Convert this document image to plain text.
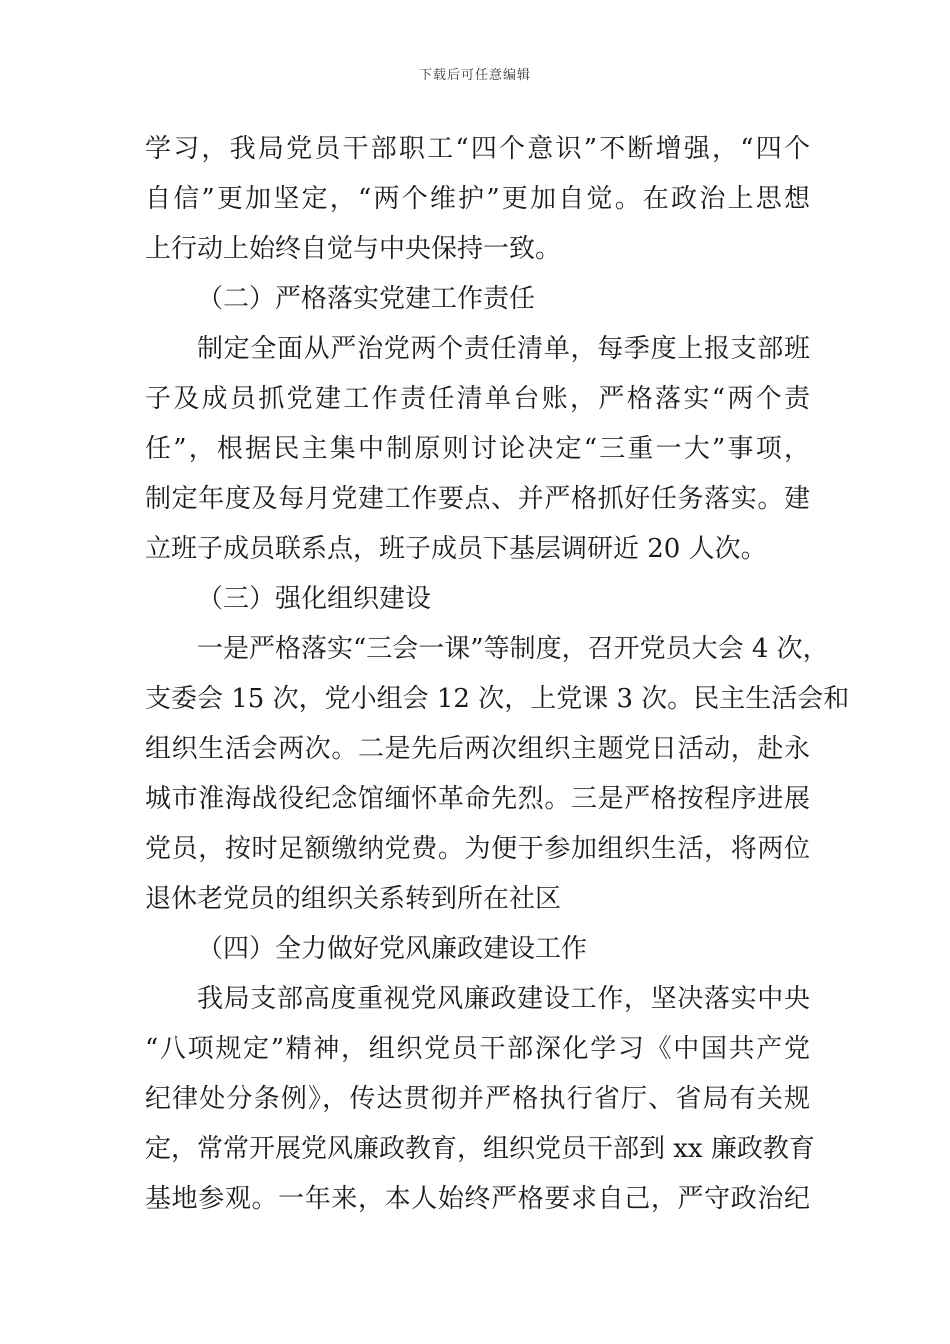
下载后可任意编辑
学习，我局党员干部职工“四个意识”不断增强，“四个
自信”更加坚定，“两个维护”更加自觉。在政治上思想
上行动上始终自觉与中央保持一致。
（二）严格落实党建工作责任
制定全面从严治党两个责任清单，每季度上报支部班
子及成员抓党建工作责任清单台账，严格落实“两个责
任”，根据民主集中制原则讨论决定“三重一大”事项，
制定年度及每月党建工作要点、并严格抓好任务落实。建
立班子成员联系点，班子成员下基层调研近 20 人次。
（三）强化组织建设
一是严格落实“三会一课”等制度，召开党员大会 4 次，
支委会 15 次，党小组会 12 次，上党课 3 次。民主生活会和
组织生活会两次。二是先后两次组织主题党日活动，赴永
城市淮海战役纪念馆缅怀革命先烈。三是严格按程序进展
党员，按时足额缴纳党费。为便于参加组织生活，将两位
退休老党员的组织关系转到所在社区
（四）全力做好党风廉政建设工作
我局支部高度重视党风廉政建设工作，坚决落实中央
“八项规定”精神，组织党员干部深化学习《中国共产党
纪律处分条例》，传达贯彻并严格执行省厅、省局有关规
定，常常开展党风廉政教育，组织党员干部到 xx 廉政教育
基地参观。一年来，本人始终严格要求自己，严守政治纪
